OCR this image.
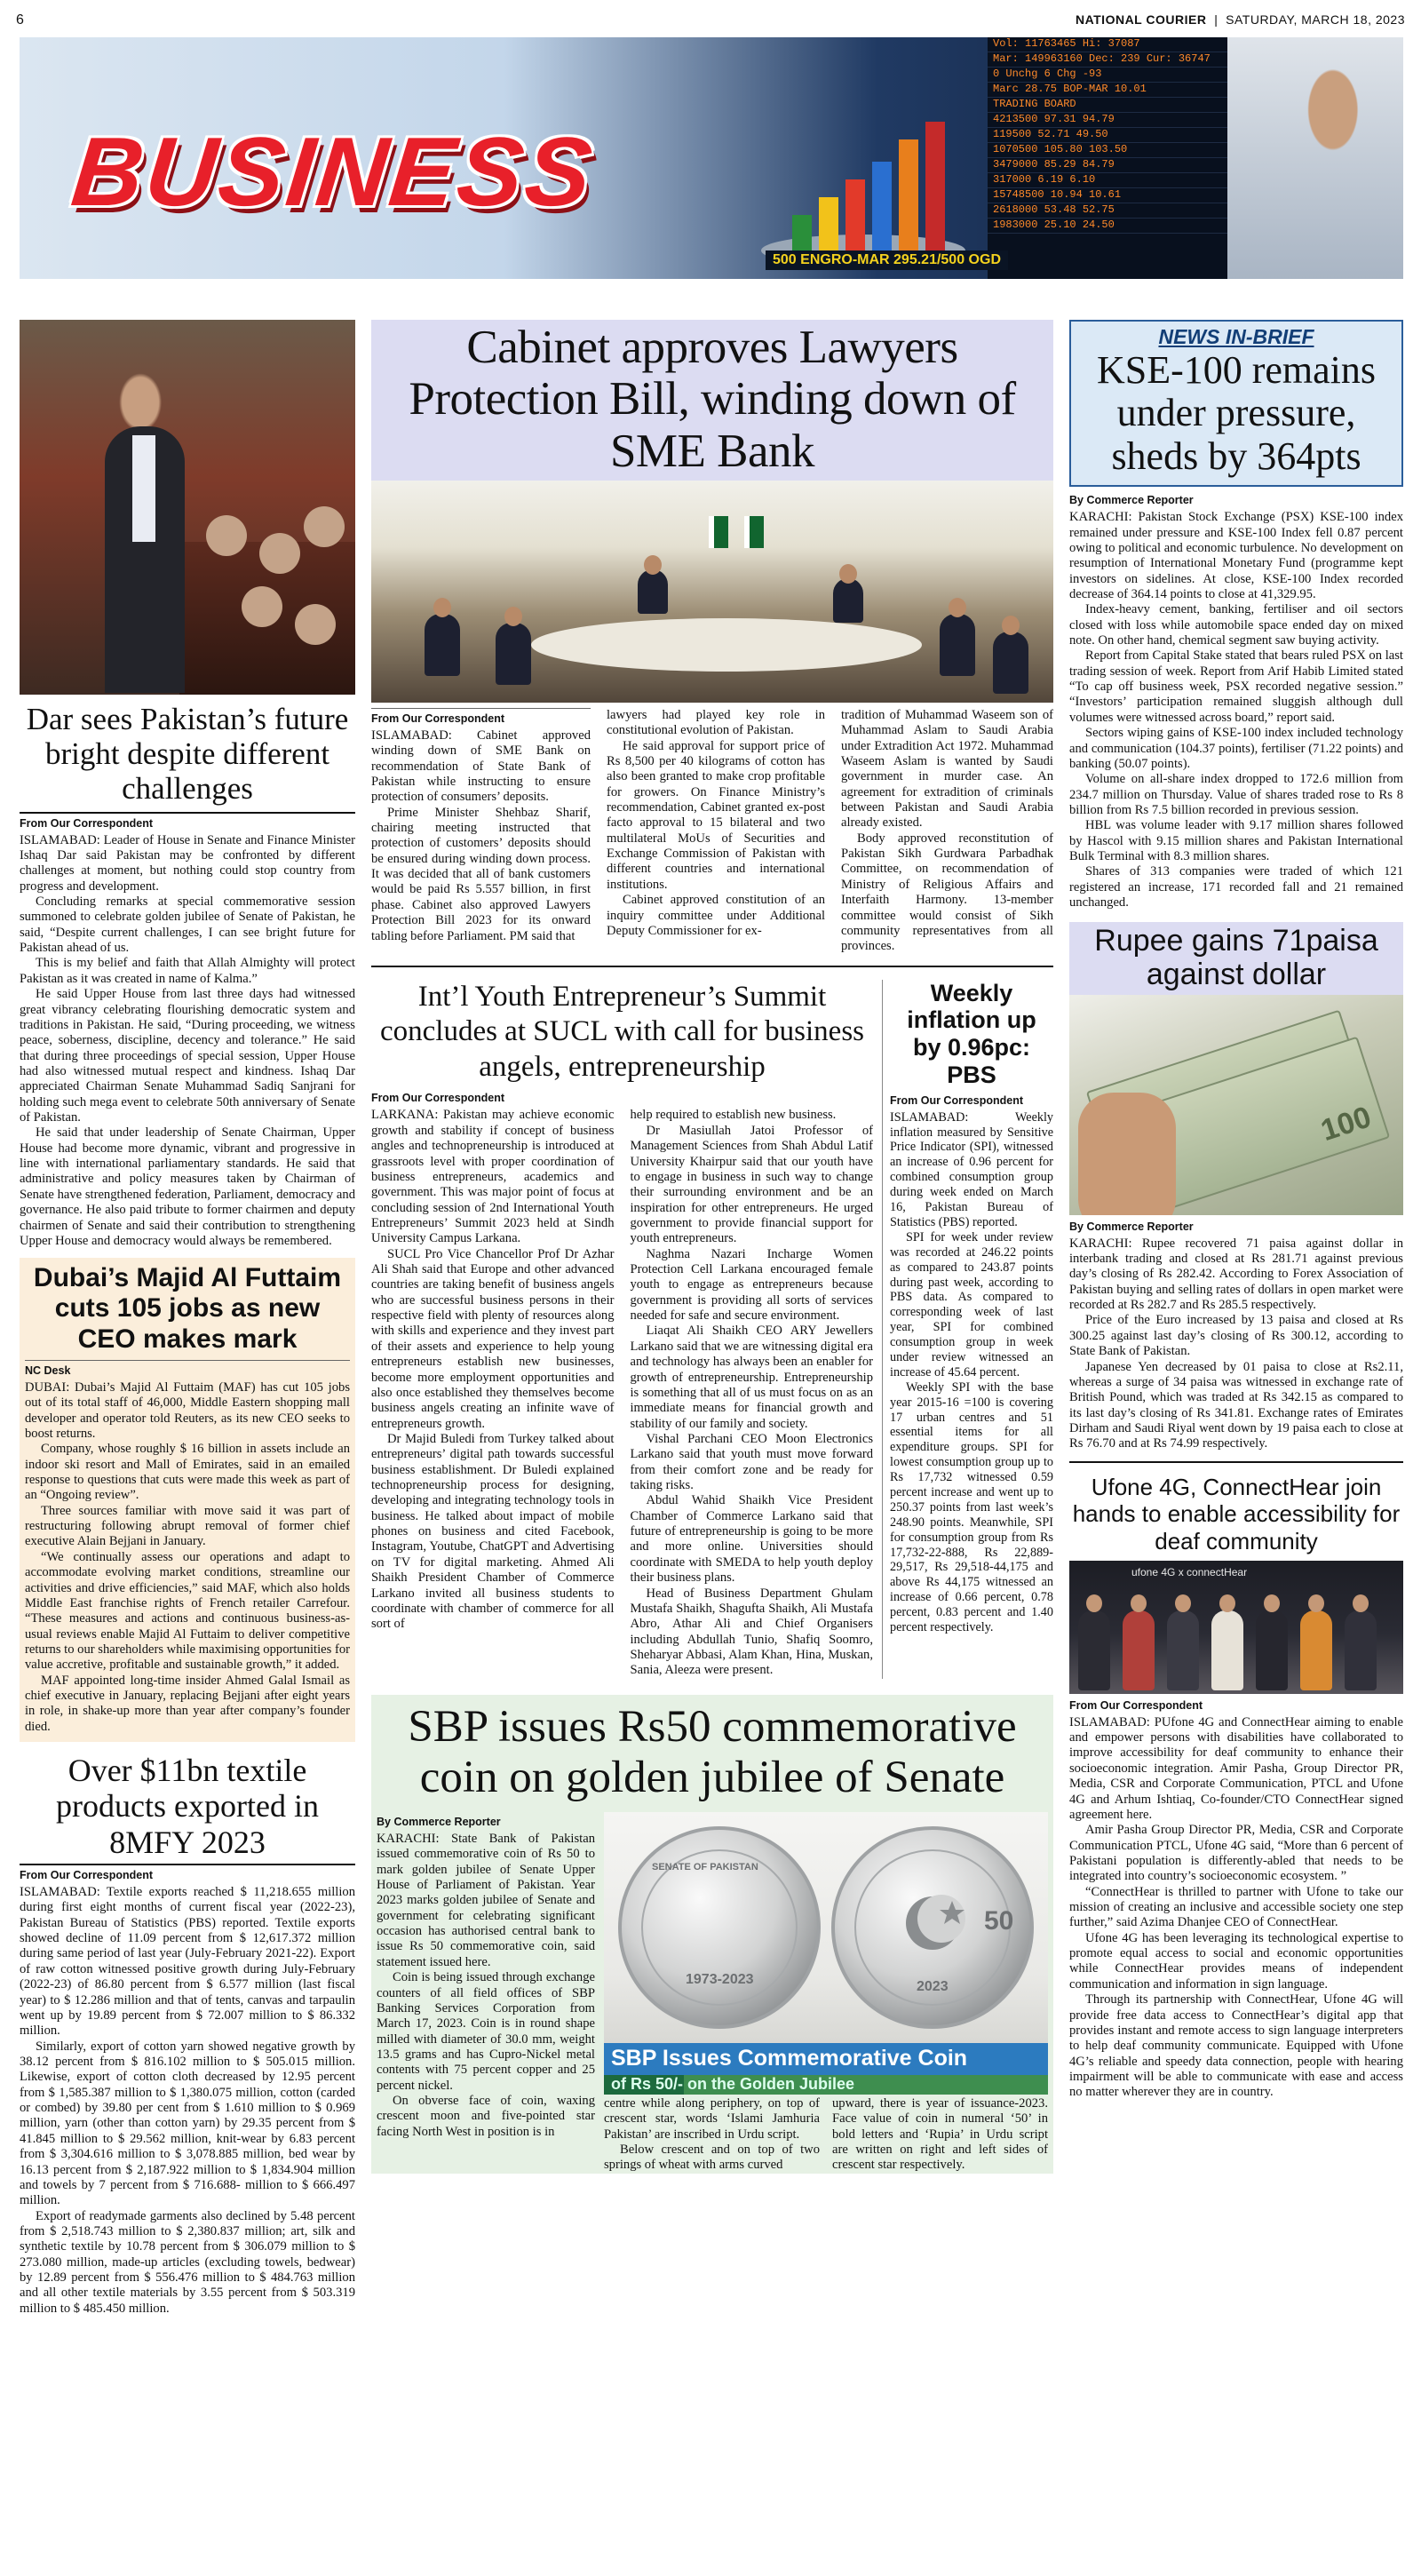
6	NATIONAL COURIER | SATURDAY, MARCH 18, 2023
Vol: 11763465 Hi: 37087
Mar: 149963160 Dec: 239 Cur: 36747
0 Unchg 6 Chg -93
Marc 28.75 BOP-MAR 10.01
TRADING BOARD
4213500 97.31 94.79
119500 52.71 49.50
1070500 105.80 103.50
3479000 85.29 84.79
317000 6.19 6.10
15748500 10.94 10.61
2618000 53.48 52.75
1983000 25.10 24.50
500 ENGRO-MAR 295.21/500 OGD
BUSINESS
Dar sees Pakistan’s future bright despite different challenges
From Our Correspondent

ISLAMABAD: Leader of House in Senate and Finance Minister Ishaq Dar said Pakistan may be confronted by different challenges at moment, but nothing could stop country from progress and development.

Concluding remarks at special commemorative session summoned to celebrate golden jubilee of Senate of Pakistan, he said, “Despite current challenges, I can see bright future for Pakistan ahead of us.

This is my belief and faith that Allah Almighty will protect Pakistan as it was created in name of Kalma.”

He said Upper House from last three days had witnessed great vibrancy celebrating flourishing democratic system and traditions in Pakistan. He said, “During proceeding, we witness peace, soberness, discipline, decency and tolerance.” He said that during three proceedings of special session, Upper House had also witnessed mutual respect and kindness. Ishaq Dar appreciated Chairman Senate Muhammad Sadiq Sanjrani for holding such mega event to celebrate 50th anniversary of Senate of Pakistan.

He said that under leadership of Senate Chairman, Upper House had become more dynamic, vibrant and progressive in line with international parliamentary standards. He said that administrative and policy measures taken by Chairman of Senate have strengthened federation, Parliament, democracy and governance. He also paid tribute to former chairmen and deputy chairmen of Senate and said their contribution to strengthening Upper House and democracy would always be remembered.

Dubai’s Majid Al Futtaim cuts 105 jobs as new CEO makes mark
NC Desk

DUBAI: Dubai’s Majid Al Futtaim (MAF) has cut 105 jobs out of its total staff of 46,000, Middle Eastern shopping mall developer and operator told Reuters, as its new CEO seeks to boost returns.

Company, whose roughly $ 16 billion in assets include an indoor ski resort and Mall of Emirates, said in an emailed response to questions that cuts were made this week as part of an “Ongoing review”.

Three sources familiar with move said it was part of restructuring following abrupt removal of former chief executive Alain Bejjani in January.

“We continually assess our operations and adapt to accommodate evolving market conditions, streamline our activities and drive efficiencies,” said MAF, which also holds Middle East franchise rights of French retailer Carrefour. “These measures and actions and continuous business-as-usual reviews enable Majid Al Futtaim to deliver competitive returns to our shareholders while maximising opportunities for value accretive, profitable and sustainable growth,” it added.

MAF appointed long-time insider Ahmed Galal Ismail as chief executive in January, replacing Bejjani after eight years in role, in shake-up more than year after company’s founder died.

Over $11bn textile products exported in 8MFY 2023
From Our Correspondent

ISLAMABAD: Textile exports reached $ 11,218.655 million during first eight months of current fiscal year (2022-23), Pakistan Bureau of Statistics (PBS) reported. Textile exports showed decline of 11.09 percent from $ 12,617.372 million during same period of last year (July-February 2021-22). Export of raw cotton witnessed positive growth during July-February (2022-23) of 86.80 percent from $ 6.577 million (last fiscal year) to $ 12.286 million and that of tents, canvas and tarpaulin went up by 19.89 percent from $ 72.007 million to $ 86.332 million.

Similarly, export of cotton yarn showed negative growth by 38.12 percent from $ 816.102 million to $ 505.015 million. Likewise, export of cotton cloth decreased by 12.95 percent from $ 1,585.387 million to $ 1,380.075 million, cotton (carded or combed) by 39.80 per cent from $ 1.610 million to $ 0.969 million, yarn (other than cotton yarn) by 29.35 percent from $ 41.845 million to $ 29.562 million, knit-wear by 6.83 percent from $ 3,304.616 million to $ 3,078.885 million, bed wear by 16.13 percent from $ 2,187.922 million to $ 1,834.904 million and towels by 7 percent from $ 716.688- million to $ 666.497 million.

Export of readymade garments also declined by 5.48 percent from $ 2,518.743 million to $ 2,380.837 million; art, silk and synthetic textile by 10.78 percent from $ 306.079 million to $ 273.080 million, made-up articles (excluding towels, bedwear) by 12.89 percent from $ 556.476 million to $ 484.763 million and all other textile materials by 3.55 percent from $ 503.319 million to $ 485.450 million.

Cabinet approves Lawyers Protection Bill, winding down of SME Bank
From Our Correspondent

ISLAMABAD: Cabinet approved winding down of SME Bank on recommendation of State Bank of Pakistan while instructing to ensure protection of consumers’ deposits.

Prime Minister Shehbaz Sharif, chairing meeting instructed that protection of customers’ deposits should be ensured during winding down process. It was decided that all of bank customers would be paid Rs 5.557 billion, in first phase. Cabinet also approved Lawyers Protection Bill 2023 for its onward tabling before Parliament. PM said that

lawyers had played key role in constitutional evolution of Pakistan.

He said approval for support price of Rs 8,500 per 40 kilograms of cotton has also been granted to make crop profitable for growers. On Finance Ministry’s recommendation, Cabinet granted ex-post facto approval to 15 bilateral and two multilateral MoUs of Securities and Exchange Commission of Pakistan with different countries and international institutions.

Cabinet approved constitution of an inquiry committee under Additional Deputy Commissioner for ex-

tradition of Muhammad Waseem son of Muhammad Aslam to Saudi Arabia under Extradition Act 1972. Muhammad Waseem Aslam is wanted by Saudi government in murder case. An agreement for extradition of criminals between Pakistan and Saudi Arabia already existed.

Body approved reconstitution of Pakistan Sikh Gurdwara Parbadhak Committee, on recommendation of Ministry of Religious Affairs and Interfaith Harmony. 13-member committee would consist of Sikh community representatives from all provinces.

Int’l Youth Entrepreneur’s Summit concludes at SUCL with call for business angels, entrepreneurship
From Our Correspondent

LARKANA: Pakistan may achieve economic growth and stability if concept of business angles and technopreneurship is introduced at grassroots level with proper coordination of business entrepreneurs, academics and government. This was major point of focus at concluding session of 2nd International Youth Entrepreneurs’ Summit 2023 held at Sindh University Campus Larkana.

SUCL Pro Vice Chancellor Prof Dr Azhar Ali Shah said that Europe and other advanced countries are taking benefit of business angels who are successful business persons in their respective field with plenty of resources along with skills and experience and they invest part of their assets and experience to help young entrepreneurs establish new businesses, become more employment opportunities and also once established they themselves become business angels creating an infinite wave of entrepreneurs growth.

Dr Majid Buledi from Turkey talked about entrepreneurs’ digital path towards successful business establishment. Dr Buledi explained technopreneurship process for designing, developing and integrating technology tools in business. He talked about impact of mobile phones on business and cited Facebook, Instagram, Youtube, ChatGPT and Advertising on TV for digital marketing. Ahmed Ali Shaikh President Chamber of Commerce Larkano invited all business students to coordinate with chamber of commerce for all sort of

help required to establish new business.

Dr Masiullah Jatoi Professor of Management Sciences from Shah Abdul Latif University Khairpur said that our youth have to engage in business in such way to change their surrounding environment and be an inspiration for other entrepreneurs. He urged government to provide financial support for youth entrepreneurs.

Naghma Nazari Incharge Women Protection Cell Larkana encouraged female youth to engage as entrepreneurs because government is providing all sorts of services needed for safe and secure environment.

Liaqat Ali Shaikh CEO ARY Jewellers Larkano said that we are witnessing digital era and technology has always been an enabler for growth of entrepreneurship. Entrepreneurship is something that all of us must focus on as an immediate means for financial growth and stability of our family and society.

Vishal Parchani CEO Moon Electronics Larkano said that youth must move forward from their comfort zone and be ready for taking risks.

Abdul Wahid Shaikh Vice President Chamber of Commerce Larkano said that future of entrepreneurship is going to be more and more online. Universities should coordinate with SMEDA to help youth deploy their business plans.

Head of Business Department Ghulam Mustafa Shaikh, Shagufta Shaikh, Ali Mustafa Abro, Athar Ali and Chief Organisers including Abdullah Tunio, Shafiq Soomro, Sheharyar Abbasi, Alam Khan, Hina, Muskan, Sania, Aleeza were present.

Weekly inflation up by 0.96pc: PBS
From Our Correspondent

ISLAMABAD: Weekly inflation measured by Sensitive Price Indicator (SPI), witnessed an increase of 0.96 percent for combined consumption group during week ended on March 16, Pakistan Bureau of Statistics (PBS) reported.

SPI for week under review was recorded at 246.22 points as compared to 243.87 points during past week, according to PBS data. As compared to corresponding week of last year, SPI for combined consumption group in week under review witnessed an increase of 45.64 percent.

Weekly SPI with the base year 2015-16 =100 is covering 17 urban centres and 51 essential items for all expenditure groups. SPI for lowest consumption group up to Rs 17,732 witnessed 0.59 percent increase and went up to 250.37 points from last week’s 248.90 points. Meanwhile, SPI for consumption group from Rs 17,732-22-888, Rs 22,889-29,517, Rs 29,518-44,175 and above Rs 44,175 witnessed an increase of 0.66 percent, 0.78 percent, 0.83 percent and 1.40 percent respectively.

SBP issues Rs50 commemorative coin on golden jubilee of Senate
By Commerce Reporter

KARACHI: State Bank of Pakistan issued commemorative coin of Rs 50 to mark golden jubilee of Senate Upper House of Parliament of Pakistan. Year 2023 marks golden jubilee of Senate and government for celebrating significant occasion has authorised central bank to issue Rs 50 commemorative coin, said statement issued here.

Coin is being issued through exchange counters of all field offices of SBP Banking Services Corporation from March 17, 2023. Coin is in round shape milled with diameter of 30.0 mm, weight 13.5 grams and has Cupro-Nickel metal contents with 75 percent copper and 25 percent nickel.

On obverse face of coin, waxing crescent moon and five-pointed star facing North West in position is in

1973-2023
SENATE OF PAKISTAN
50
2023
SBP Issues Commemorative Coin
of Rs 50/- on the Golden Jubilee

centre while along periphery, on top of crescent star, words ‘Islami Jamhuria Pakistan’ are inscribed in Urdu script.

Below crescent and on top of two springs of wheat with arms curved

upward, there is year of issuance-2023. Face value of coin in numeral ‘50’ in bold letters and ‘Rupia’ in Urdu script are written on right and left sides of crescent star respectively.

NEWS IN-BRIEF
KSE-100 remains under pressure, sheds by 364pts
By Commerce Reporter

KARACHI: Pakistan Stock Exchange (PSX) KSE-100 index remained under pressure and KSE-100 Index fell 0.87 percent owing to political and economic turbulence. No development on resumption of International Monetary Fund (programme kept investors on sidelines. At close, KSE-100 Index recorded decrease of 364.14 points to close at 41,329.95.

Index-heavy cement, banking, fertiliser and oil sectors closed with loss while automobile space ended day on mixed note. On other hand, chemical segment saw buying activity.

Report from Capital Stake stated that bears ruled PSX on last trading session of week. Report from Arif Habib Limited stated “To cap off business week, PSX recorded negative session.” “Investors’ participation remained sluggish although dull volumes were witnessed across board,” report said.

Sectors wiping gains of KSE-100 index included technology and communication (104.37 points), fertiliser (71.22 points) and banking (50.07 points).

Volume on all-share index dropped to 172.6 million from 234.7 million on Thursday. Value of shares traded rose to Rs 8 billion from Rs 7.5 billion recorded in previous session.

HBL was volume leader with 9.17 million shares followed by Hascol with 9.15 million shares and Pakistan International Bulk Terminal with 8.3 million shares.

Shares of 313 companies were traded of which 121 registered an increase, 171 recorded fall and 21 remained unchanged.

Rupee gains 71paisa against dollar
100
By Commerce Reporter

KARACHI: Rupee recovered 71 paisa against dollar in interbank trading and closed at Rs 281.71 against previous day’s closing of Rs 282.42. According to Forex Association of Pakistan buying and selling rates of dollars in open market were recorded at Rs 282.7 and Rs 285.5 respectively.

Price of the Euro increased by 13 paisa and closed at Rs 300.25 against last day’s closing of Rs 300.12, according to State Bank of Pakistan.

Japanese Yen decreased by 01 paisa to close at Rs2.11, whereas a surge of 34 paisa was witnessed in exchange rate of British Pound, which was traded at Rs 342.15 as compared to its last day’s closing of Rs 341.81. Exchange rates of Emirates Dirham and Saudi Riyal went down by 19 paisa each to close at Rs 76.70 and at Rs 74.99 respectively.

Ufone 4G, ConnectHear join hands to enable accessibility for deaf community
ufone 4G x connectHear
From Our Correspondent

ISLAMABAD: PUfone 4G and ConnectHear aiming to enable and empower persons with disabilities have collaborated to improve accessibility for deaf community to enhance their socioeconomic integration. Amir Pasha, Group Director PR, Media, CSR and Corporate Communication, PTCL and Ufone 4G and Arhum Ishtiaq, Co-founder/CTO ConnectHear signed agreement here.

Amir Pasha Group Director PR, Media, CSR and Corporate Communication PTCL, Ufone 4G said, “More than 6 percent of Pakistani population is differently-abled that needs to be integrated into country’s socioeconomic ecosystem. ”

“ConnectHear is thrilled to partner with Ufone to take our mission of creating an inclusive and accessible society one step further,” said Azima Dhanjee CEO of ConnectHear.

Ufone 4G has been leveraging its technological expertise to promote equal access to social and economic opportunities while ConnectHear provides means of independent communication and information in sign language.

Through its partnership with ConnectHear, Ufone 4G will provide free data access to ConnectHear’s digital app that provides instant and remote access to sign language interpreters to help deaf community communicate. Equipped with Ufone 4G’s reliable and speedy data connection, people with hearing impairment will be able to communicate with ease and access no matter wherever they are in country.
